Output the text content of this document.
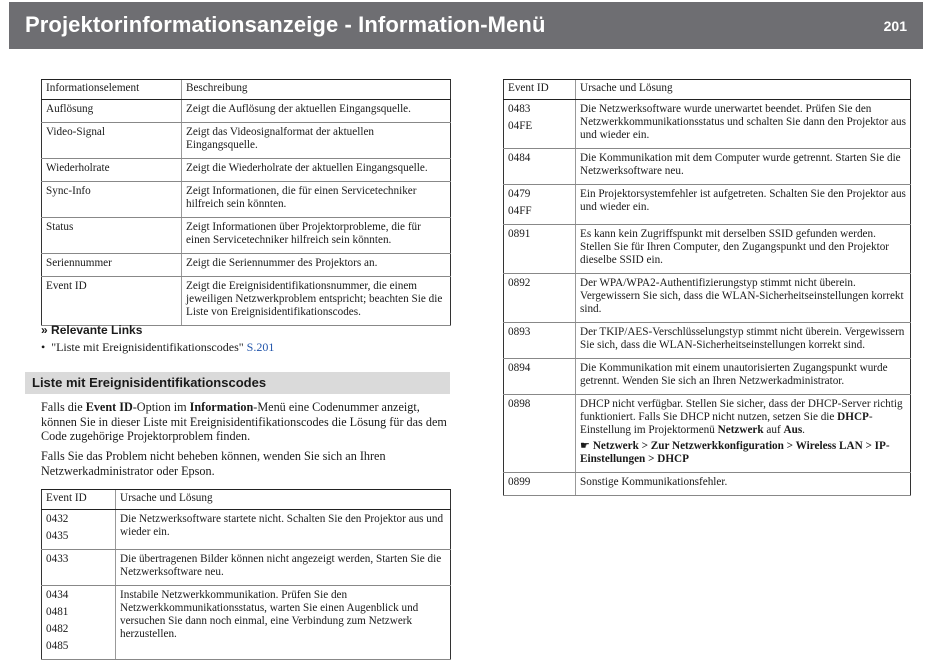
Projektorinformationsanzeige - Information-Menü	201
Informationselement	Beschreibung
Auflösung	Zeigt die Auflösung der aktuellen Eingangsquelle.
Video-Signal	Zeigt das Videosignalformat der aktuellen Eingangsquelle.
Wiederholrate	Zeigt die Wiederholrate der aktuellen Eingangsquelle.
Sync-Info	Zeigt Informationen, die für einen Servicetechniker hilfreich sein könnten.
Status	Zeigt Informationen über Projektorprobleme, die für einen Servicetechniker hilfreich sein könnten.
Seriennummer	Zeigt die Seriennummer des Projektors an.
Event ID	Zeigt die Ereignisidentifikationsnummer, die einem jeweiligen Netzwerkproblem entspricht; beachten Sie die Liste von Ereignisidentifikationscodes.
» Relevante Links
•  "Liste mit Ereignisidentifikationscodes" S.201
Liste mit Ereignisidentifikationscodes
Falls die Event ID-Option im Information-Menü eine Codenummer anzeigt, können Sie in dieser Liste mit Ereignisidentifikationscodes die Lösung für das dem Code zugehörige Projektorproblem finden.
Falls Sie das Problem nicht beheben können, wenden Sie sich an Ihren Netzwerkadministrator oder Epson.
Event ID	Ursache und Lösung

0432
0435	Die Netzwerksoftware startete nicht. Schalten Sie den Projektor aus und wieder ein.

0433	Die übertragenen Bilder können nicht angezeigt werden, Starten Sie die Netzwerksoftware neu.

0434
0481
0482
0485	Instabile Netzwerkkommunikation. Prüfen Sie den Netzwerkkommunikationsstatus, warten Sie einen Augenblick und versuchen Sie dann noch einmal, eine Verbindung zum Netzwerk herzustellen.
Event ID	Ursache und Lösung

0483
04FE	Die Netzwerksoftware wurde unerwartet beendet. Prüfen Sie den Netzwerkkommunikationsstatus und schalten Sie dann den Projektor aus und wieder ein.

0484	Die Kommunikation mit dem Computer wurde getrennt. Starten Sie die Netzwerksoftware neu.

0479
04FF	Ein Projektorsystemfehler ist aufgetreten. Schalten Sie den Projektor aus und wieder ein.

0891	Es kann kein Zugriffspunkt mit derselben SSID gefunden werden. Stellen Sie für Ihren Computer, den Zugangspunkt und den Projektor dieselbe SSID ein.

0892	Der WPA/WPA2-Authentifizierungstyp stimmt nicht überein. Vergewissern Sie sich, dass die WLAN-Sicherheitseinstellungen korrekt sind.

0893	Der TKIP/AES-Verschlüsselungstyp stimmt nicht überein. Vergewissern Sie sich, dass die WLAN-Sicherheitseinstellungen korrekt sind.

0894	Die Kommunikation mit einem unautorisierten Zugangspunkt wurde getrennt. Wenden Sie sich an Ihren Netzwerkadministrator.

0898	DHCP nicht verfügbar. Stellen Sie sicher, dass der DHCP-Server richtig funktioniert. Falls Sie DHCP nicht nutzen, setzen Sie die DHCP-Einstellung im Projektormenü Netzwerk auf Aus.
☛ Netzwerk > Zur Netzwerkkonfiguration > Wireless LAN > IP-Einstellungen > DHCP

0899	Sonstige Kommunikationsfehler.
